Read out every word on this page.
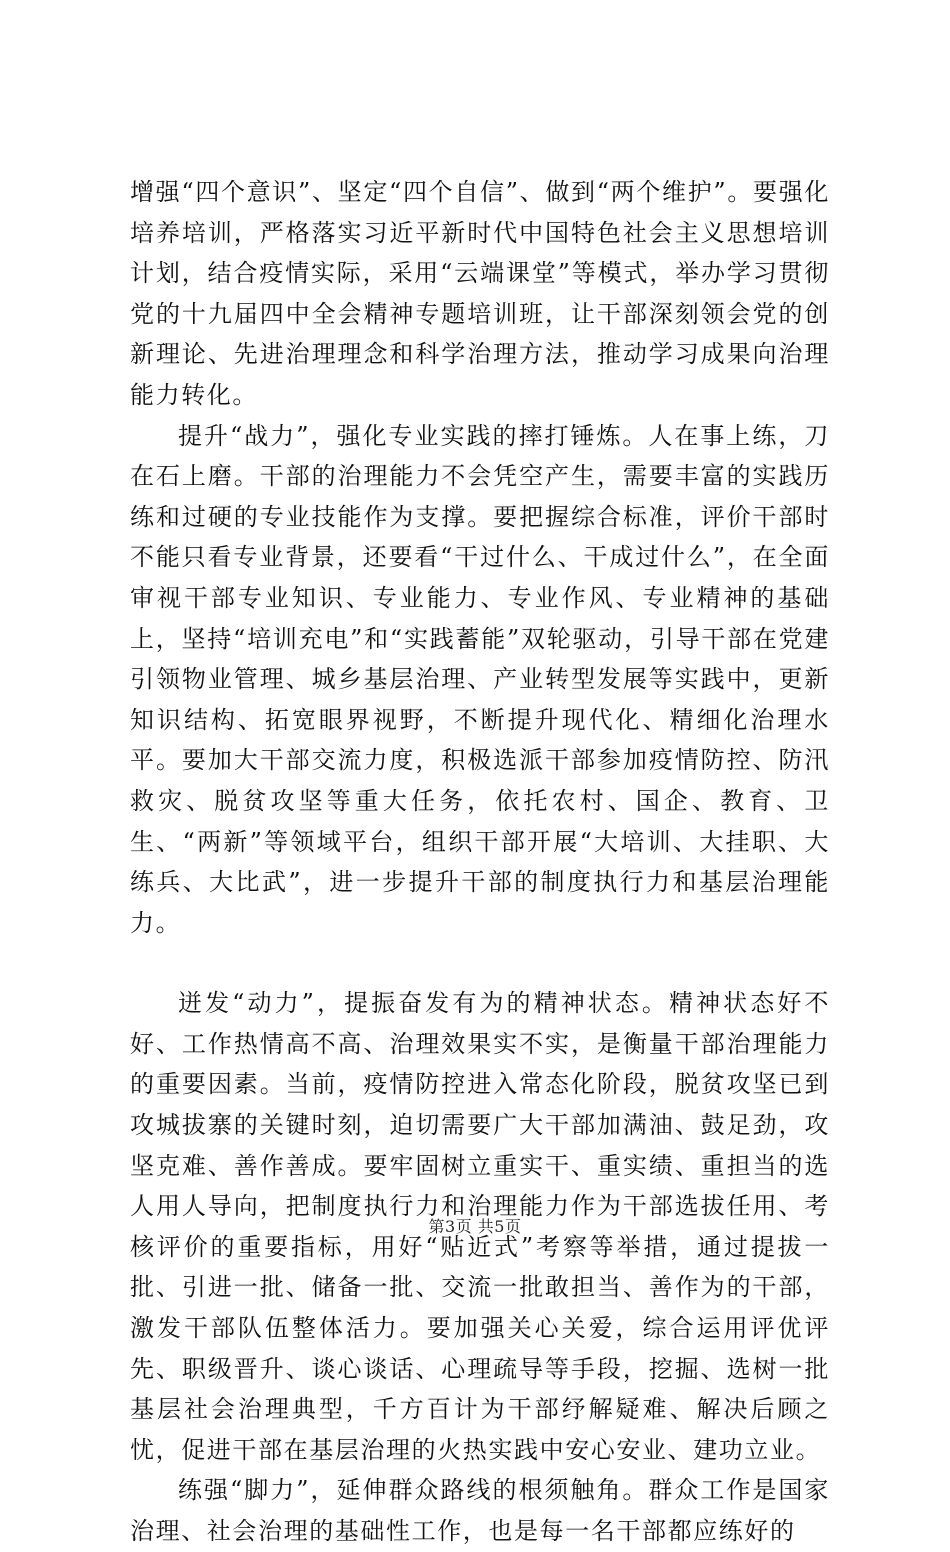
增强“四个意识”、坚定“四个自信”、做到“两个维护”。要强化培养培训，严格落实习近平新时代中国特色社会主义思想培训计划，结合疫情实际，采用“云端课堂”等模式，举办学习贯彻党的十九届四中全会精神专题培训班，让干部深刻领会党的创新理论、先进治理理念和科学治理方法，推动学习成果向治理能力转化。

提升“战力”，强化专业实践的摔打锤炼。人在事上练，刀在石上磨。干部的治理能力不会凭空产生，需要丰富的实践历练和过硬的专业技能作为支撑。要把握综合标准，评价干部时不能只看专业背景，还要看“干过什么、干成过什么”，在全面审视干部专业知识、专业能力、专业作风、专业精神的基础上，坚持“培训充电”和“实践蓄能”双轮驱动，引导干部在党建引领物业管理、城乡基层治理、产业转型发展等实践中，更新知识结构、拓宽眼界视野，不断提升现代化、精细化治理水平。要加大干部交流力度，积极选派干部参加疫情防控、防汛救灾、脱贫攻坚等重大任务，依托农村、国企、教育、卫生、“两新”等领域平台，组织干部开展“大培训、大挂职、大练兵、大比武”，进一步提升干部的制度执行力和基层治理能力。

迸发“动力”，提振奋发有为的精神状态。精神状态好不好、工作热情高不高、治理效果实不实，是衡量干部治理能力的重要因素。当前，疫情防控进入常态化阶段，脱贫攻坚已到攻城拔寨的关键时刻，迫切需要广大干部加满油、鼓足劲，攻坚克难、善作善成。要牢固树立重实干、重实绩、重担当的选人用人导向，把制度执行力和治理能力作为干部选拔任用、考核评价的重要指标，用好“贴近式”考察等举措，通过提拔一批、引进一批、储备一批、交流一批敢担当、善作为的干部，激发干部队伍整体活力。要加强关心关爱，综合运用评优评先、职级晋升、谈心谈话、心理疏导等手段，挖掘、选树一批基层社会治理典型，千方百计为干部纾解疑难、解决后顾之忧，促进干部在基层治理的火热实践中安心安业、建功立业。

练强“脚力”，延伸群众路线的根须触角。群众工作是国家治理、社会治理的基础性工作，也是每一名干部都应练好的

第3页 共5页
